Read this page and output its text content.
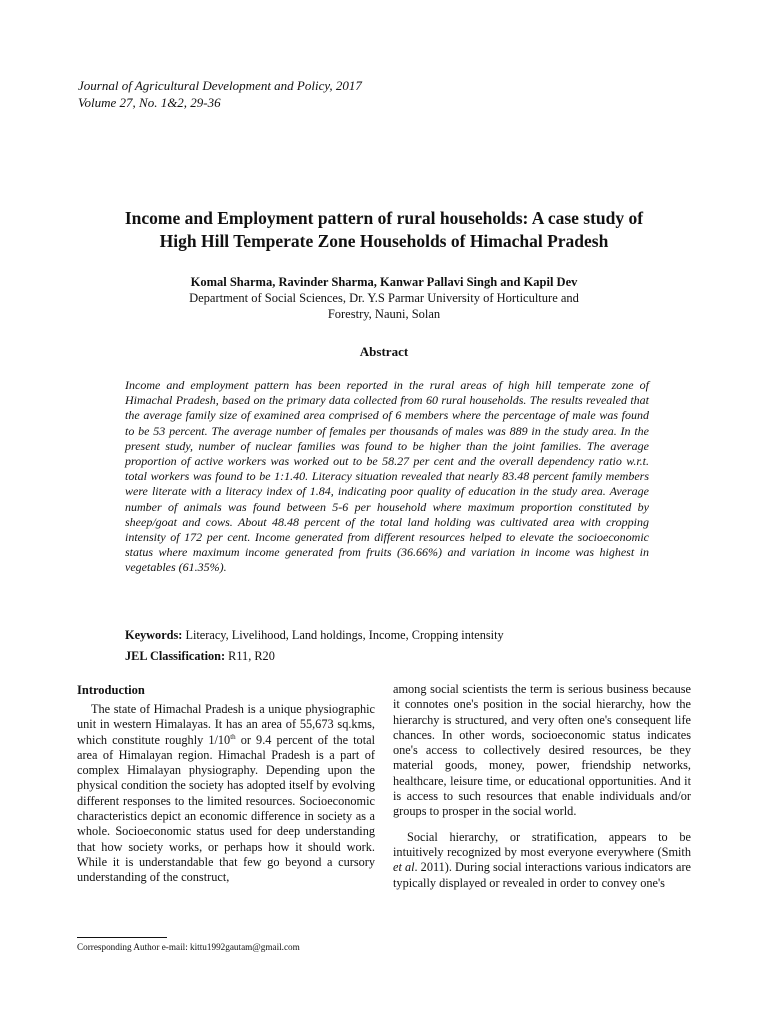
Journal of Agricultural Development and Policy, 2017
Volume 27, No. 1&2, 29-36
Income and Employment pattern of rural households: A case study of
High Hill Temperate Zone Households of Himachal Pradesh
Komal Sharma, Ravinder Sharma, Kanwar Pallavi Singh and Kapil Dev
Department of Social Sciences, Dr. Y.S Parmar University of Horticulture and
Forestry, Nauni, Solan
Abstract
Income and employment pattern has been reported in the rural areas of high hill temperate zone of Himachal Pradesh, based on the primary data collected from 60 rural households. The results revealed that the average family size of examined area comprised of 6 members where the percentage of male was found to be 53 percent. The average number of females per thousands of males was 889 in the study area. In the present study, number of nuclear families was found to be higher than the joint families. The average proportion of active workers was worked out to be 58.27 per cent and the overall dependency ratio w.r.t. total workers was found to be 1:1.40. Literacy situation revealed that nearly 83.48 percent family members were literate with a literacy index of 1.84, indicating poor quality of education in the study area. Average number of animals was found between 5-6 per household where maximum proportion constituted by sheep/goat and cows. About 48.48 percent of the total land holding was cultivated area with cropping intensity of 172 per cent. Income generated from different resources helped to elevate the socioeconomic status where maximum income generated from fruits (36.66%) and variation in income was highest in vegetables (61.35%).
Keywords: Literacy, Livelihood, Land holdings, Income, Cropping intensity
JEL Classification: R11, R20
Introduction

The state of Himachal Pradesh is a unique physiographic unit in western Himalayas. It has an area of 55,673 sq.kms, which constitute roughly 1/10th or 9.4 percent of the total area of Himalayan region. Himachal Pradesh is a part of complex Himalayan physiography. Depending upon the physical condition the society has adopted itself by evolving different responses to the limited resources. Socioeconomic characteristics depict an economic difference in society as a whole. Socioeconomic status used for deep understanding that how society works, or perhaps how it should work. While it is understandable that few go beyond a cursory understanding of the construct,

among social scientists the term is serious business because it connotes one's position in the social hierarchy, how the hierarchy is structured, and very often one's consequent life chances. In other words, socioeconomic status indicates one's access to collectively desired resources, be they material goods, money, power, friendship networks, healthcare, leisure time, or educational opportunities. And it is access to such resources that enable individuals and/or groups to prosper in the social world.

Social hierarchy, or stratification, appears to be intuitively recognized by most everyone everywhere (Smith et al. 2011). During social interactions various indicators are typically displayed or revealed in order to convey one's

Corresponding Author e-mail: kittu1992gautam@gmail.com
